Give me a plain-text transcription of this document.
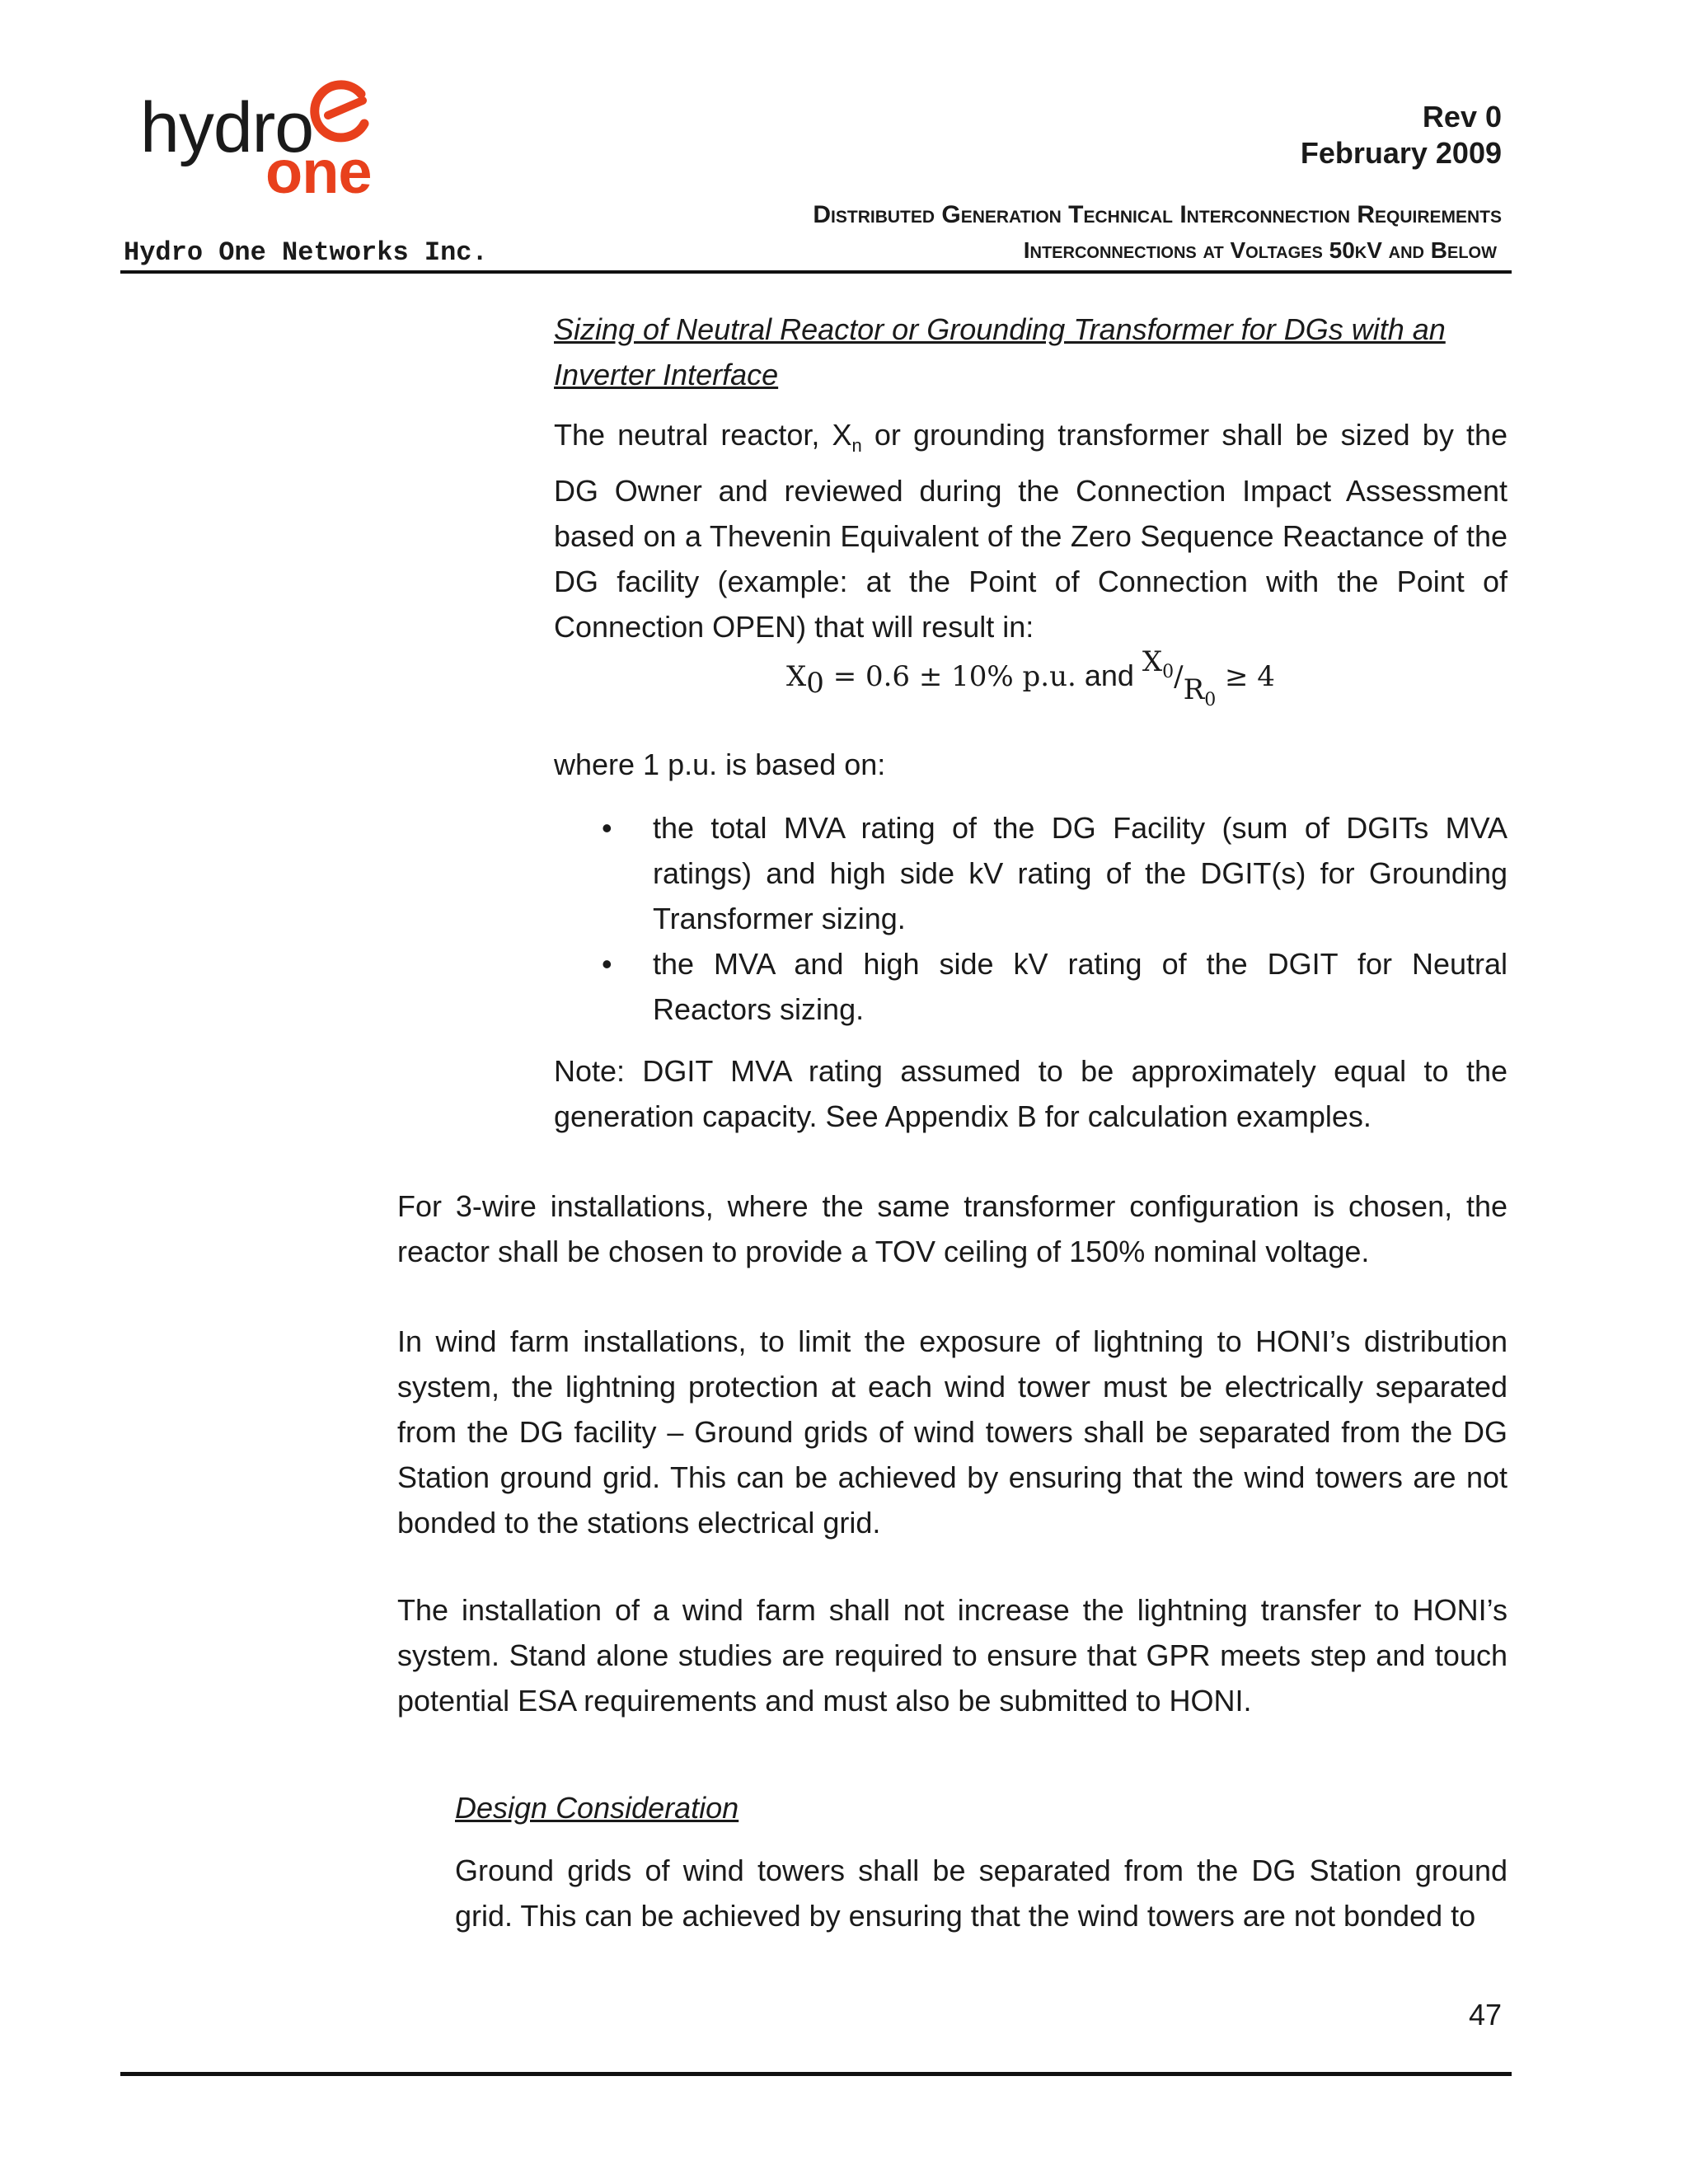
hydro
one
Rev 0
February 2009
Distributed Generation Technical Interconnection Requirements
Hydro One Networks Inc.	Interconnections at Voltages 50kV and Below
Sizing of Neutral Reactor or Grounding Transformer for DGs with an Inverter Interface
The neutral reactor, $X_n$ or grounding transformer shall be sized by the DG Owner and reviewed during the Connection Impact Assessment based on a Thevenin Equivalent of the Zero Sequence Reactance of the DG facility (example: at the Point of Connection with the Point of Connection OPEN) that will result in:
$X_0 = 0.6 \pm 10\%$ p.u. and $X_0/R_0 \ge 4$
where 1 p.u. is based on:
• the total MVA rating of the DG Facility (sum of DGITs MVA ratings) and high side kV rating of the DGIT(s) for Grounding Transformer sizing.
• the MVA and high side kV rating of the DGIT for Neutral Reactors sizing.
Note: DGIT MVA rating assumed to be approximately equal to the generation capacity. See Appendix B for calculation examples.
For 3-wire installations, where the same transformer configuration is chosen, the reactor shall be chosen to provide a TOV ceiling of 150% nominal voltage.
In wind farm installations, to limit the exposure of lightning to HONI’s distribution system, the lightning protection at each wind tower must be electrically separated from the DG facility – Ground grids of wind towers shall be separated from the DG Station ground grid. This can be achieved by ensuring that the wind towers are not bonded to the stations electrical grid.
The installation of a wind farm shall not increase the lightning transfer to HONI’s system. Stand alone studies are required to ensure that GPR meets step and touch potential ESA requirements and must also be submitted to HONI.
Design Consideration
Ground grids of wind towers shall be separated from the DG Station ground grid. This can be achieved by ensuring that the wind towers are not bonded to
47
